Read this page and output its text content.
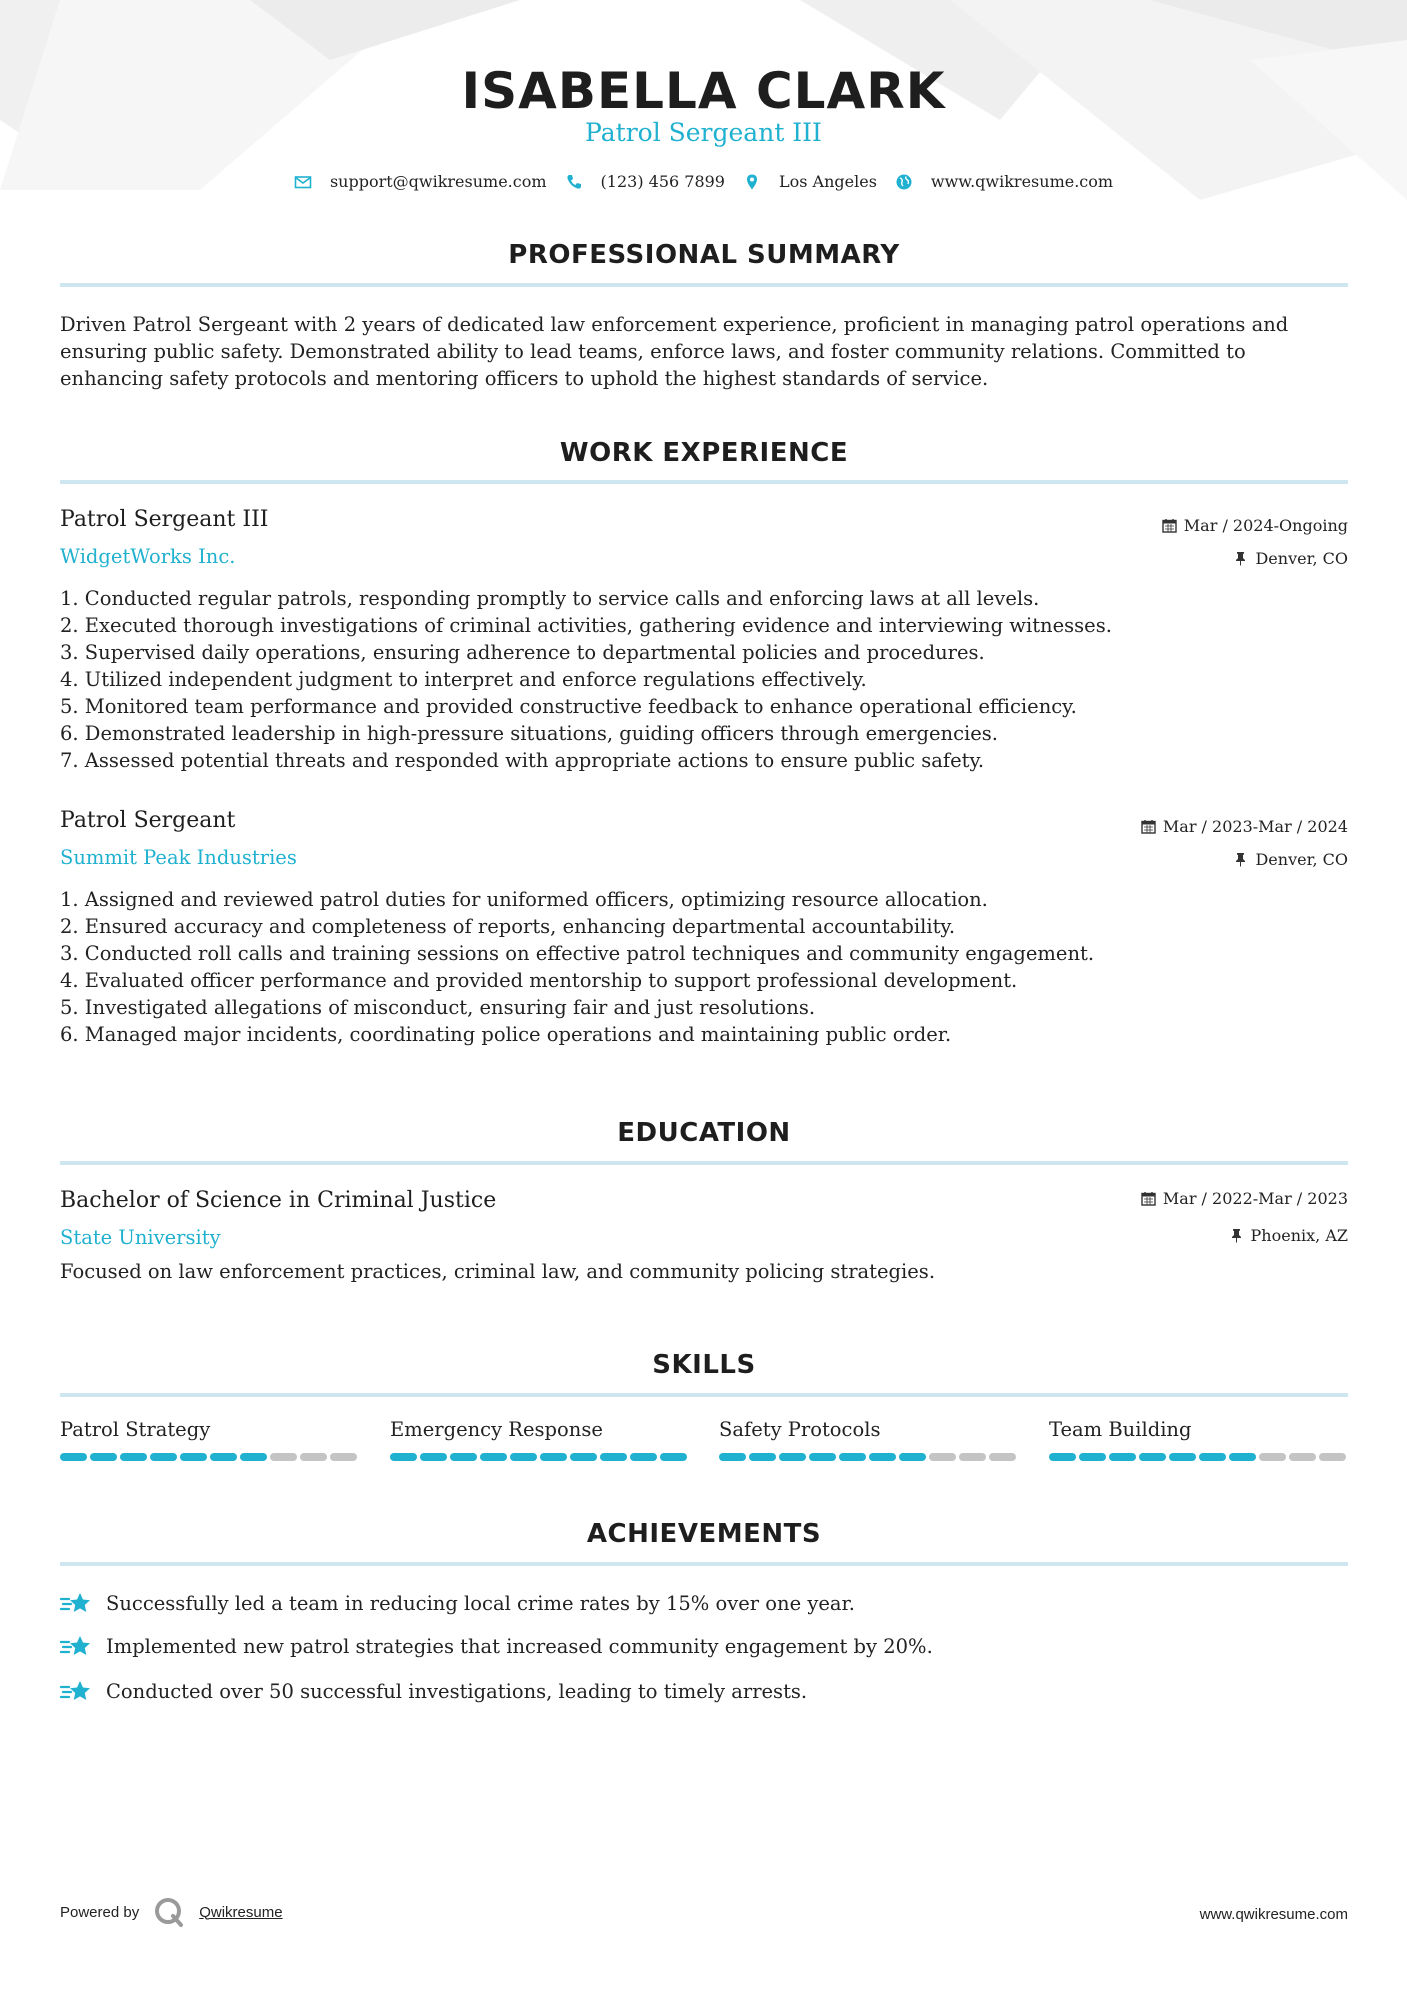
ISABELLA CLARK
Patrol Sergeant III
support@qwikresume.com	(123) 456 7899	Los Angeles	www.qwikresume.com
PROFESSIONAL SUMMARY
Driven Patrol Sergeant with 2 years of dedicated law enforcement experience, proficient in managing patrol operations and ensuring public safety. Demonstrated ability to lead teams, enforce laws, and foster community relations. Committed to enhancing safety protocols and mentoring officers to uphold the highest standards of service.
WORK EXPERIENCE
Patrol Sergeant III
WidgetWorks Inc.
Mar / 2024-Ongoing
Denver, CO
1. Conducted regular patrols, responding promptly to service calls and enforcing laws at all levels.
2. Executed thorough investigations of criminal activities, gathering evidence and interviewing witnesses.
3. Supervised daily operations, ensuring adherence to departmental policies and procedures.
4. Utilized independent judgment to interpret and enforce regulations effectively.
5. Monitored team performance and provided constructive feedback to enhance operational efficiency.
6. Demonstrated leadership in high-pressure situations, guiding officers through emergencies.
7. Assessed potential threats and responded with appropriate actions to ensure public safety.
Patrol Sergeant
Summit Peak Industries
Mar / 2023-Mar / 2024
Denver, CO
1. Assigned and reviewed patrol duties for uniformed officers, optimizing resource allocation.
2. Ensured accuracy and completeness of reports, enhancing departmental accountability.
3. Conducted roll calls and training sessions on effective patrol techniques and community engagement.
4. Evaluated officer performance and provided mentorship to support professional development.
5. Investigated allegations of misconduct, ensuring fair and just resolutions.
6. Managed major incidents, coordinating police operations and maintaining public order.
EDUCATION
Bachelor of Science in Criminal Justice
State University
Mar / 2022-Mar / 2023
Phoenix, AZ
Focused on law enforcement practices, criminal law, and community policing strategies.
SKILLS
Patrol Strategy	Emergency Response	Safety Protocols	Team Building
ACHIEVEMENTS
Successfully led a team in reducing local crime rates by 15% over one year.
Implemented new patrol strategies that increased community engagement by 20%.
Conducted over 50 successful investigations, leading to timely arrests.
Powered by	Qwikresume	www.qwikresume.com
